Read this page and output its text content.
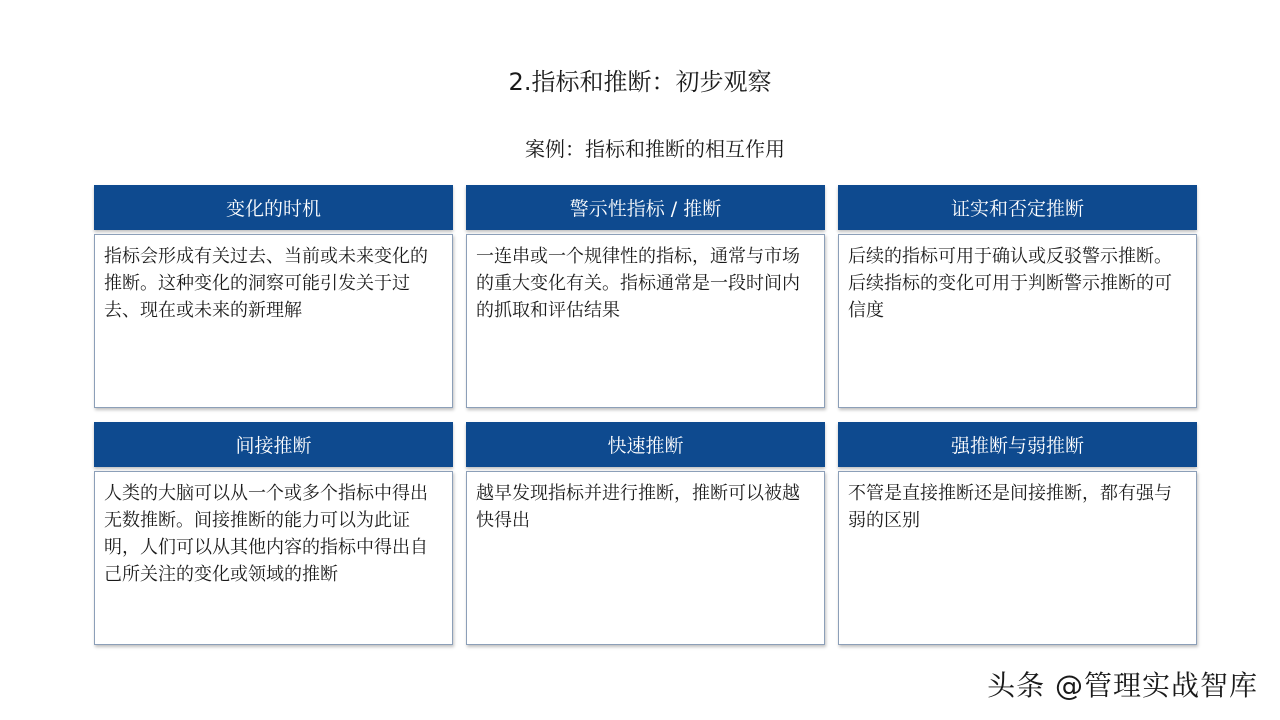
2.指标和推断：初步观察
案例：指标和推断的相互作用
变化的时机
指标会形成有关过去、当前或未来变化的推断。这种变化的洞察可能引发关于过去、现在或未来的新理解
警示性指标 / 推断
一连串或一个规律性的指标，通常与市场的重大变化有关。指标通常是一段时间内的抓取和评估结果
证实和否定推断
后续的指标可用于确认或反驳警示推断。后续指标的变化可用于判断警示推断的可信度
间接推断
人类的大脑可以从一个或多个指标中得出无数推断。间接推断的能力可以为此证明，人们可以从其他内容的指标中得出自己所关注的变化或领域的推断
快速推断
越早发现指标并进行推断，推断可以被越快得出
强推断与弱推断
不管是直接推断还是间接推断，都有强与弱的区别
头条 @管理实战智库
